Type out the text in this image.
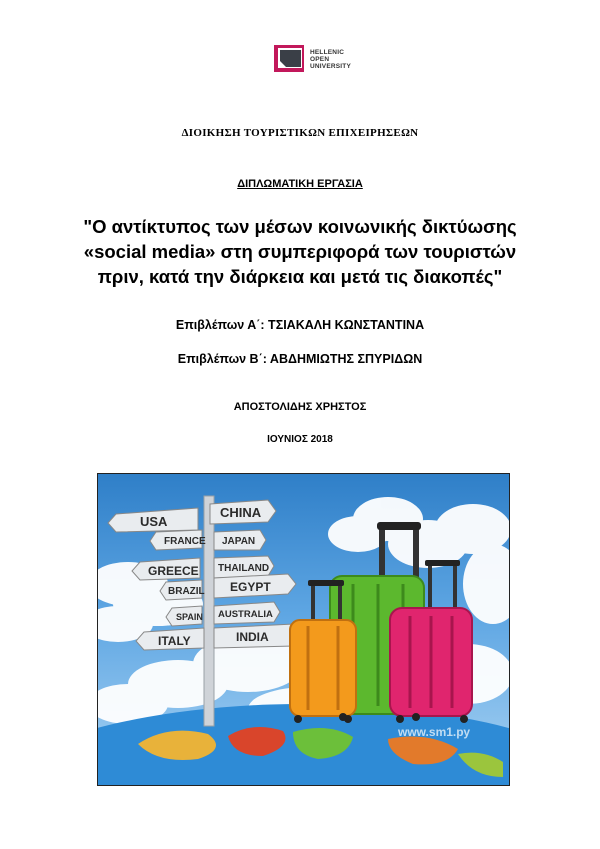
HELLENIC
OPEN
UNIVERSITY
ΔΙΟΙΚΗΣΗ ΤΟΥΡΙΣΤΙΚΩΝ ΕΠΙΧΕΙΡΗΣΕΩΝ
ΔΙΠΛΩΜΑΤΙΚΗ ΕΡΓΑΣΙΑ
"Ο αντίκτυπος των μέσων κοινωνικής δικτύωσης
«social media» στη συμπεριφορά των τουριστών
πριν, κατά την διάρκεια και μετά τις διακοπές"
Επιβλέπων Α΄: ΤΣΙΑΚΑΛΗ ΚΩΝΣΤΑΝΤΙΝΑ
Επιβλέπων Β΄: ΑΒΔΗΜΙΩΤΗΣ ΣΠΥΡΙΔΩΝ
ΑΠΟΣΤΟΛΙΔΗΣ ΧΡΗΣΤΟΣ
ΙΟΥΝΙΟΣ 2018
USA
CHINA
FRANCE JAPAN
GREECE THAILAND
BRAZIL EGYPT
SPAIN AUSTRALIA
ITALY	INDIA
www.sm1.ру
